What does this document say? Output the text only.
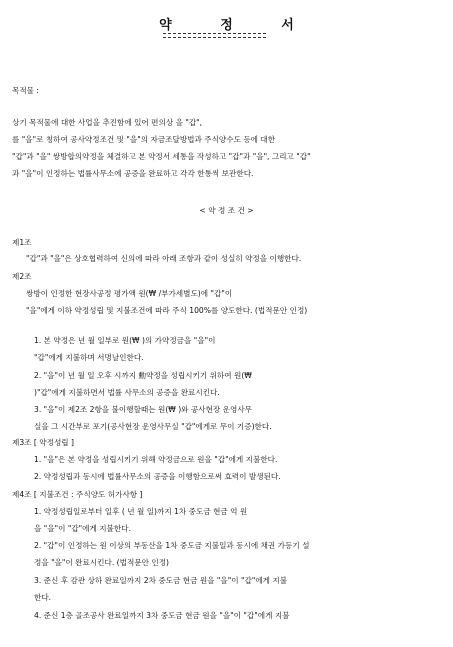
약 정 서
목적물 :
상기 목적물에 대한 사업을 추진함에 있어 편의상 을 "갑",
를 "을"로 칭하여 공사약정조건 및 "을"의 자금조달방법과 주식양수도 등에 대한
"갑"과 "을" 쌍방합의약정을 체결하고 본 약정서 세통을 작성하고 "갑"과 "을", 그리고 "갑"
과 "을"이 인정하는 법률사무소에 공증을 완료하고 각각 한통씩 보관한다.
< 약 정 조 건 >
제1조
"갑"과 "을"은 상호협력하여 신의에 따라 아래 조항과 같이 성실히 약정을 이행한다.
제2조
쌍방이 인정한 현장사공정 평가액 원(₩ /부가세별도)에 "갑"이
"을"에게 이하 약정성립 및 지불조건에 따라 주식 100%를 양도한다. (법적문안 인정)
1. 본 약정은 년 월 일부로 원(₩ )의 가약정금을 "을"이
"갑"에게 지불하며 서명날인한다.
2. "을"이 년 월 일 오후 시까지 勳약정을 성립시키기 위하여 원(₩
)"갑"에게 지불하면서 법률 사무소의 공증을 완료시킨다.
3. "을"이 제2조 2항을 불이행할때는 원(₩ )와 공사현장 운영사무
실을 그 시간부로 포기(공사현장 운영사무실 "갑"에게로 무이 기증)한다.
제3조 [ 약정성립 ]
1. "을"은 본 약정을 성립시키기 위해 약정금으로 원을 "갑"에게 지불한다.
2. 약정성립과 동시에 법률사무소의 공증을 이행함으로써 효력이 발생된다.
제4조 [ 지불조건 : 주식양도 허가사항 ]
1. 약정성립일로부터 일후 ( 년 월 일)까지 1차 중도금 현금 억 원
을 "을"이 "갑"에게 지불한다.
2. "갑"이 인정하는 원 이상의 부동산을 1차 중도금 지불일과 동시에 채권 가등기 설
정을 "을"이 완료시킨다. (법적문안 인정)
3. 준신 후 감관 상하 완료일까지 2차 중도금 현금 원을 "을"이 "갑"에게 지불
한다.
4. 준신 1층 골조공사 완료일까지 3차 중도금 현금 원을 "을"이 "갑"에게 지불
